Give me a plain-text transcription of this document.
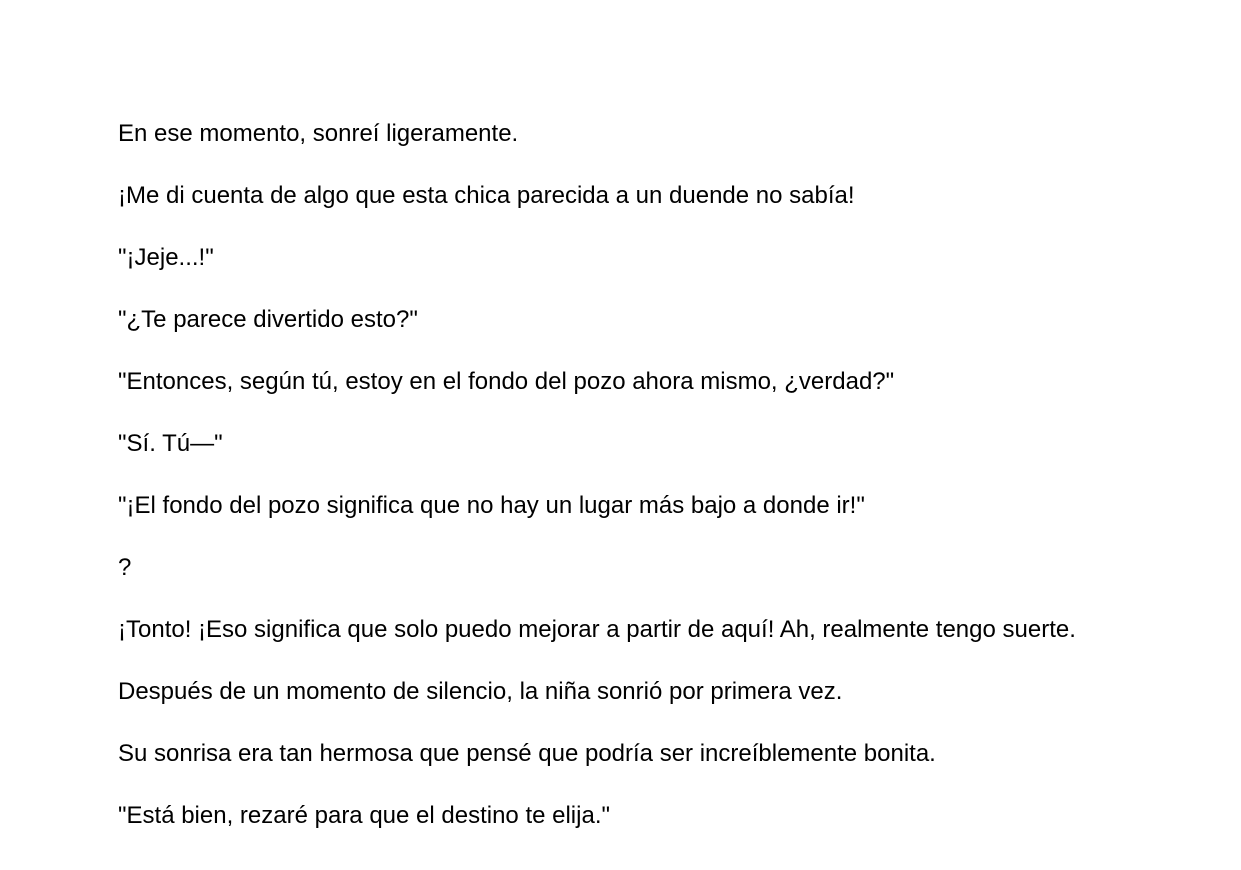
En ese momento, sonreí ligeramente.

¡Me di cuenta de algo que esta chica parecida a un duende no sabía!

"¡Jeje...!"

"¿Te parece divertido esto?"

"Entonces, según tú, estoy en el fondo del pozo ahora mismo, ¿verdad?"

"Sí. Tú—"

"¡El fondo del pozo significa que no hay un lugar más bajo a donde ir!"

?

¡Tonto! ¡Eso significa que solo puedo mejorar a partir de aquí! Ah, realmente tengo suerte.

Después de un momento de silencio, la niña sonrió por primera vez.

Su sonrisa era tan hermosa que pensé que podría ser increíblemente bonita.

"Está bien, rezaré para que el destino te elija."
